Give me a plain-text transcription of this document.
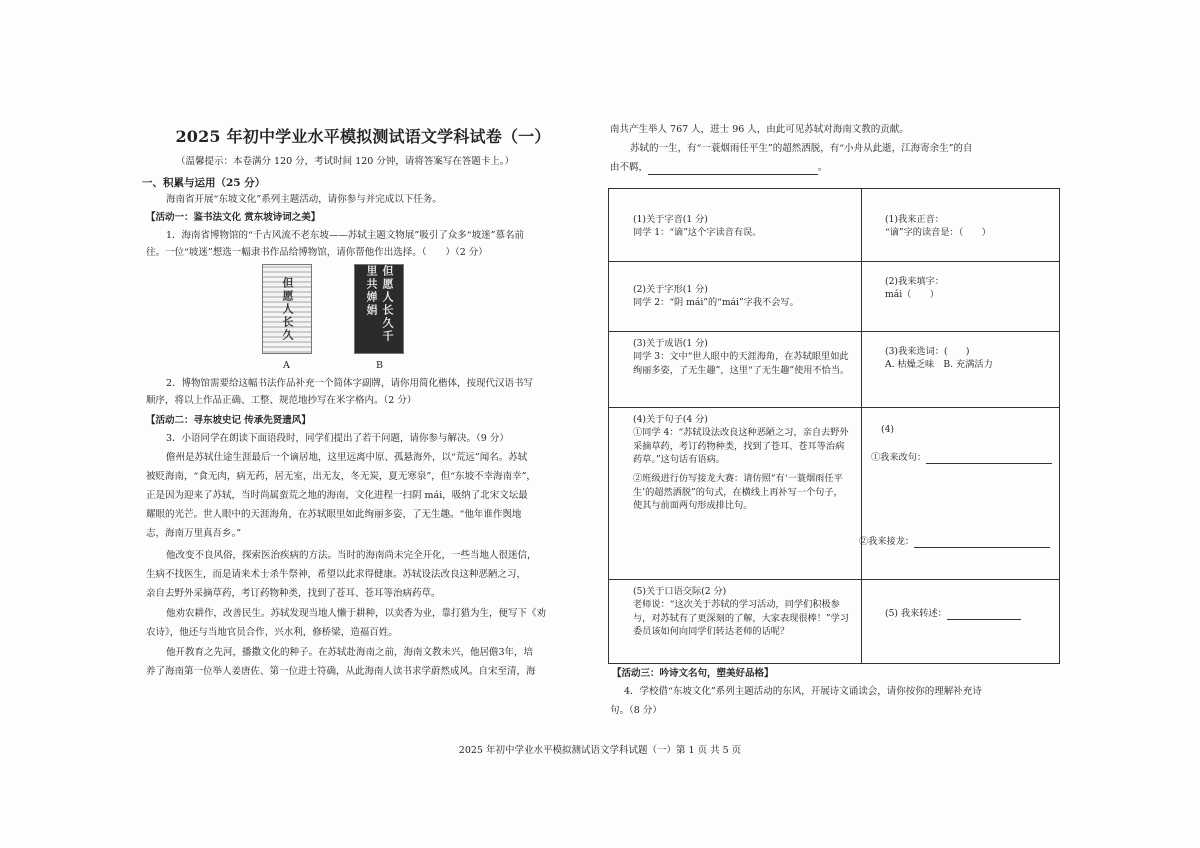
2025 年初中学业水平模拟测试语文学科试卷（一）
（温馨提示：本卷满分 120 分，考试时间 120 分钟，请将答案写在答题卡上。）
一、积累与运用（25 分）
海南省开展“东坡文化”系列主题活动，请你参与并完成以下任务。
【活动一：鉴书法文化 赏东坡诗词之美】
1．海南省博物馆的“千古风流不老东坡——苏轼主题文物展”吸引了众多“坡迷”慕名前
往。一位“坡迷”想选一幅隶书作品给博物馆，请你帮他作出选择。（　　）（2 分）
但愿人长久	但愿人长久千里共婵娟
A	B
2．博物馆需要给这幅书法作品补充一个简体字副牌，请你用简化楷体，按现代汉语书写
顺序，将以上作品正确、工整、规范地抄写在米字格内。（2 分）
【活动二：寻东坡史记 传承先贤遗风】
3．小语同学在朗读下面语段时，同学们提出了若干问题，请你参与解决。（9 分）
儋州是苏轼仕途生涯最后一个谪居地，这里远离中原、孤悬海外，以“荒远”闻名。苏轼
被贬海南，“食无肉，病无药，居无室，出无友，冬无炭，夏无寒泉”，但“东坡不幸海南幸”，
正是因为迎来了苏轼，当时尚属蛮荒之地的海南，文化进程一扫阴 mái，吸纳了北宋文坛最
耀眼的光芒。世人眼中的天涯海角，在苏轼眼里如此绚丽多姿，了无生趣。“他年谁作舆地
志，海南万里真吾乡。”
他改变不良风俗，探索医治疾病的方法。当时的海南尚未完全开化，一些当地人很迷信，
生病不找医生，而是请来术士杀牛祭神，希望以此求得健康。苏轼设法改良这种恶陋之习，
亲自去野外采摘草药，考订药物种类，找到了苍耳、苍耳等治病药草。
他劝农耕作，改善民生。苏轼发现当地人懒于耕种，以卖香为业，靠打猎为生，便写下《劝
农诗》，他还与当地官员合作，兴水利，修桥梁，造福百姓。
他开教育之先河，播撒文化的种子。在苏轼赴海南之前，海南文教未兴，他居儋3年，培
养了海南第一位举人姜唐佐、第一位进士符确，从此海南人读书求学蔚然成风。自宋至清，海
南共产生举人 767 人，进士 96 人，由此可见苏轼对海南文教的贡献。
苏轼的一生，有“一蓑烟雨任平生”的超然洒脱，有“小舟从此逝，江海寄余生”的自
由不羁，	。
(1)关于字音(1 分)
同学 1：“谪”这个字读音有误。
(1)我来正音：
“谪”字的读音是：（　　）
(2)关于字形(1 分)
同学 2：“阴 mái”的“mái”字我不会写。
(2)我来填字：
mái（　　）
(3)关于成语(1 分)
同学 3：文中“世人眼中的天涯海角，在苏轼眼里如此绚丽多姿，了无生趣”，这里“了无生趣”使用不恰当。
(3)我来选词：(　　)
A. 枯燥乏味　B. 充满活力
(4)关于句子(4 分)
①同学 4：“苏轼设法改良这种恶陋之习，亲自去野外采摘草药，考订药物种类，找到了苍耳、苍耳等治病药草。”这句话有语病。
②班级进行仿写接龙大赛：请仿照“有‘一蓑烟雨任平生’的超然洒脱”的句式，在横线上再补写一个句子，使其与前面两句形成排比句。
(4)
①我来改句：
②我来接龙：
(5)关于口语交际(2 分)
老师说：“这次关于苏轼的学习活动，同学们积极参与，对苏轼有了更深刻的了解，大家表现很棒！”学习委员该如何向同学们转达老师的话呢？
(5) 我来转述：
【活动三：吟诗文名句，塑美好品格】
4．学校借“东坡文化”系列主题活动的东风，开展诗文诵读会，请你按你的理解补充诗
句。（8 分）
2025 年初中学业水平模拟测试语文学科试题（一）第 1 页 共 5 页
